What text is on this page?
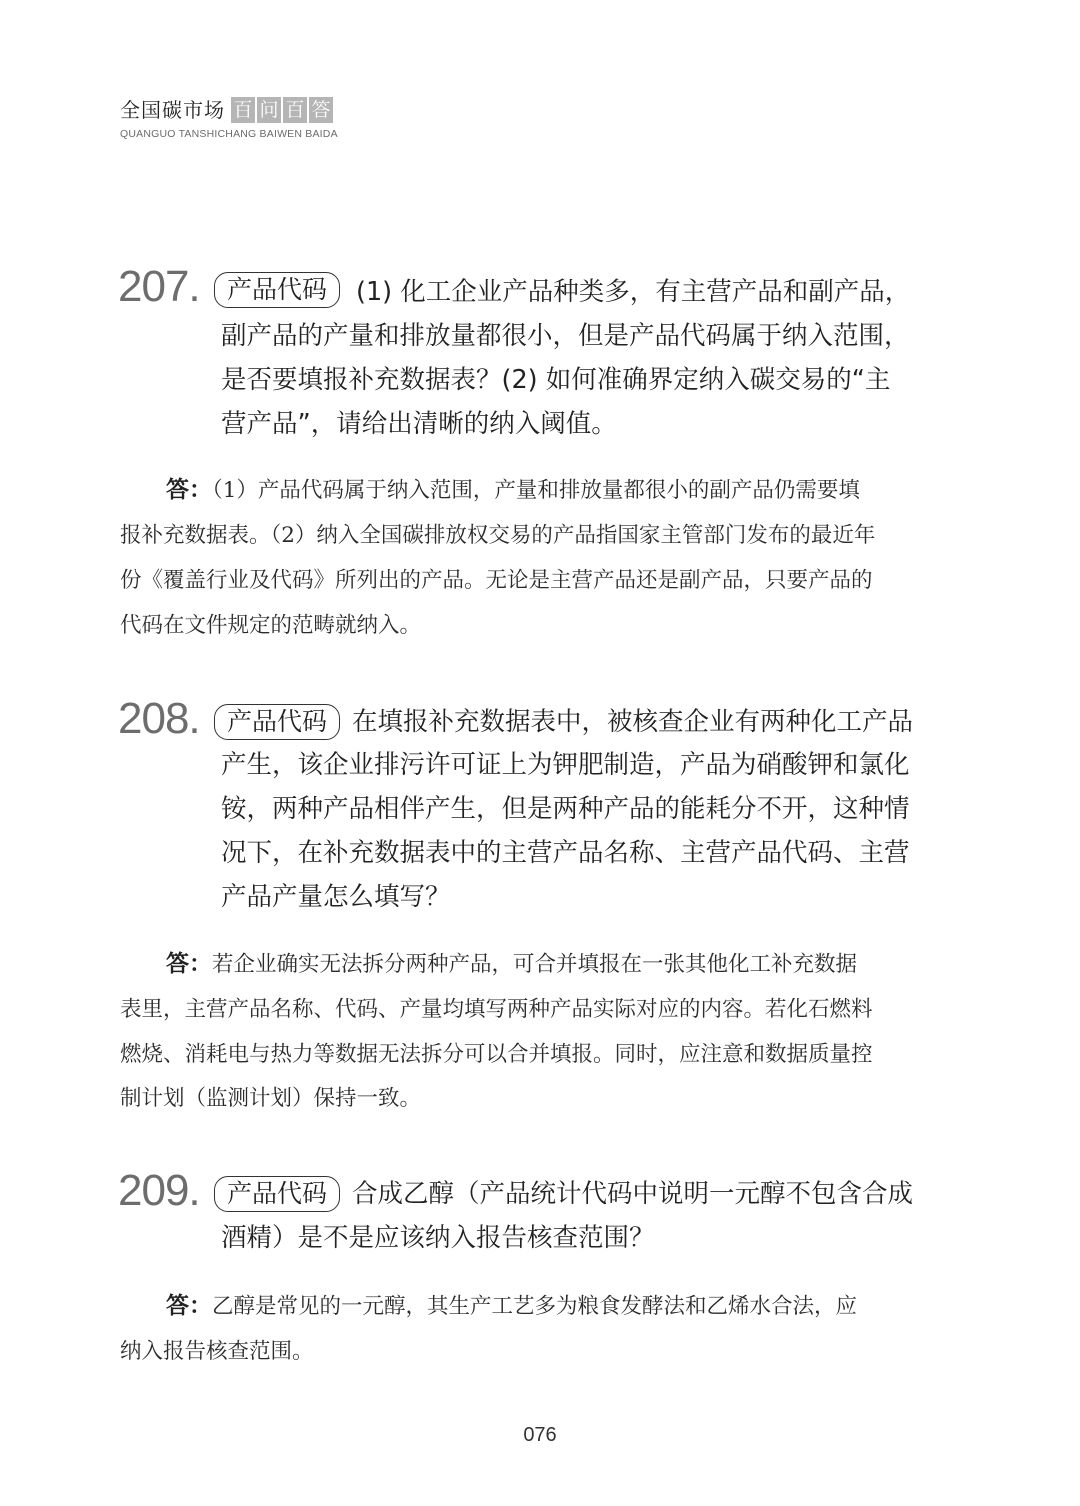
全国碳市场 百 问 百 答
QUANGUO TANSHICHANG BAIWEN BAIDA
207.	产品代码	(1) 化工企业产品种类多，有主营产品和副产品，
副产品的产量和排放量都很小，但是产品代码属于纳入范围，
是否要填报补充数据表？(2) 如何准确界定纳入碳交易的“主
营产品”，请给出清晰的纳入阈值。
答：（1）产品代码属于纳入范围，产量和排放量都很小的副产品仍需要填
报补充数据表。（2）纳入全国碳排放权交易的产品指国家主管部门发布的最近年
份《覆盖行业及代码》所列出的产品。无论是主营产品还是副产品，只要产品的
代码在文件规定的范畴就纳入。
208.	产品代码 在填报补充数据表中，被核查企业有两种化工产品
产生，该企业排污许可证上为钾肥制造，产品为硝酸钾和氯化
铵，两种产品相伴产生，但是两种产品的能耗分不开，这种情
况下，在补充数据表中的主营产品名称、主营产品代码、主营
产品产量怎么填写？
答：若企业确实无法拆分两种产品，可合并填报在一张其他化工补充数据
表里，主营产品名称、代码、产量均填写两种产品实际对应的内容。若化石燃料
燃烧、消耗电与热力等数据无法拆分可以合并填报。同时，应注意和数据质量控
制计划（监测计划）保持一致。
209.	产品代码 合成乙醇（产品统计代码中说明一元醇不包含合成
酒精）是不是应该纳入报告核查范围？
答：乙醇是常见的一元醇，其生产工艺多为粮食发酵法和乙烯水合法，应
纳入报告核查范围。
076
